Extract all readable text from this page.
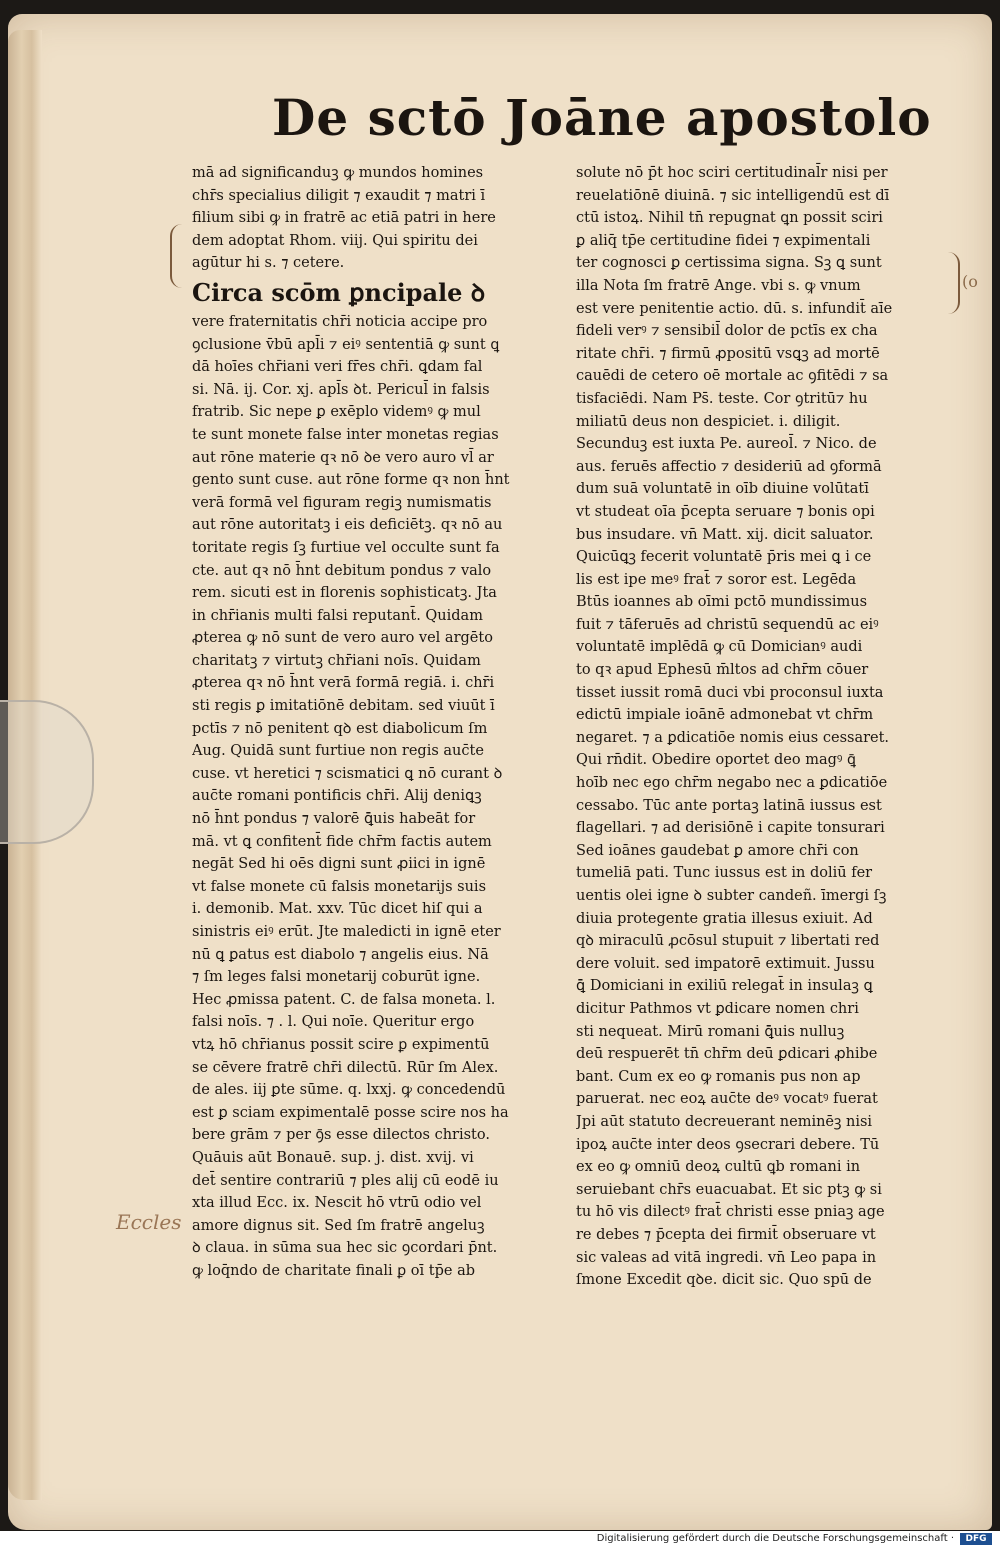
De sctō Joāne apostolo
mā ad significanduꝫ ꝙ mundos homines
chr̄s specialius diligit ⁊ exaudit ⁊ matri ī
filium sibi ꝙ in fratrē ac etiā patri in here
dem adoptat Rhom. viij. Qui spiritu dei
agūtur hi s. ⁊ cetere.
Circa scōm ꝑncipale ꝺ
vere fraternitatis chr̄i noticia accipe pro
ꝯclusione v̄bū apl̄i ⁊ eiꝰ sententiā ꝙ sunt ꝗ
dā hoīes chr̄iani veri fr̄es chr̄i. ꝗdam fal
si. Nā. ij. Cor. xj. apl̄s ꝺt. Pericul̄ in falsis
fratrib. Sic nepe ꝑ exēplo videmꝰ ꝙ mul
te sunt monete false inter monetas regias
aut rōne materie qꝛ nō ꝺe vero auro vl̄ ar
gento sunt cuse. aut rōne forme qꝛ non h̄nt
verā formā vel figuram regiꝫ numismatis
aut rōne autoritatꝫ i eis deficiētꝫ. qꝛ nō au
toritate regis ſꝫ furtiue vel occulte sunt fa
cte. aut qꝛ nō h̄nt debitum pondus ⁊ valo
rem. sicuti est in florenis sophisticatꝫ. Jta
in chr̄ianis multi falsi reputant̄. Quidam
ꝓterea ꝙ nō sunt de vero auro vel argēto
charitatꝫ ⁊ virtutꝫ chr̄iani noīs. Quidam
ꝓterea qꝛ nō h̄nt verā formā regiā. i. chr̄i
sti regis ꝑ imitatiōnē debitam. sed viuūt ī
pctīs ⁊ nō penitent qꝺ est diabolicum ſm
Aug. Quidā sunt furtiue non regis auc̄te
cuse. vt heretici ⁊ scismatici ꝗ nō curant ꝺ
auc̄te romani pontificis chr̄i. Alij deniꝗꝫ
nō h̄nt pondus ⁊ valorē ꝗ̄uis habeāt for
mā. vt ꝗ confitent̄ fide chr̄m factis autem
negāt Sed hi oēs digni sunt ꝓiici in ignē
vt false monete cū falsis monetarijs suis
i. demonib. Mat. xxv. Tūc dicet hiſ qui a
sinistris eiꝰ erūt. Jte maledicti in ignē eter
nū ꝗ ꝑatus est diabolo ⁊ angelis eius. Nā
⁊ ſm leges falsi monetarij coburūt igne.
Hec ꝓmissa patent. C. de falsa moneta. l.
falsi noīs. ⁊ . l. Qui noīe. Queritur ergo
vtꝝ hō chr̄ianus possit scire ꝑ expimentū
se cēvere fratrē chr̄i dilectū. Rūr ſm Alex.
de ales. iij ꝑte sūme. q. lxxj. ꝙ concedendū
est ꝑ sciam expimentalē posse scire nos ha
bere grām ⁊ per ꝯ̄s esse dilectos christo.
Quāuis aūt Bonauē. sup. j. dist. xvij. vi
det̄ sentire contrariū ⁊ ples alij cū eodē iu
xta illud Ecc. ix. Nescit hō vtrū odio vel
amore dignus sit. Sed ſm fratrē angeluꝫ
ꝺ claua. in sūma sua hec sic ꝯcordari p̄nt.
ꝙ loq̄ndo de charitate finali ꝑ oī tp̄e ab
solute nō p̄t hoc sciri certitudinal̄r nisi per
reuelatiōnē diuinā. ⁊ sic intelligendū est dī
ctū istoꝝ. Nihil tn̄ repugnat ꝗn possit sciri
ꝑ aliq̄ tp̄e certitudine fidei ⁊ expimentali
ter cognosci ꝑ certissima signa. Sꝫ ꝗ sunt
illa Nota ſm fratrē Ange. vbi s. ꝙ vnum
est vere penitentie actio. dū. s. infundit̄ aīe
fideli verꝰ ⁊ sensibil̄ dolor de pctīs ex cha
ritate chr̄i. ⁊ firmū ꝓpositū vsꝗꝫ ad mortē
cauēdi de cetero oē mortale ac ꝯfitēdi ⁊ sa
tisfaciēdi. Nam Ps̄. teste. Cor ꝯtritū⁊ hu
miliatū deus non despiciet. i. diligit.
Secunduꝫ est iuxta Pe. aureol̄. ⁊ Nico. de
aus. feruēs affectio ⁊ desideriū ad ꝯformā
dum suā voluntatē in oīb diuine volūtatī
vt studeat oīa p̄cepta seruare ⁊ bonis opi
bus insudare. vn̄ Matt. xij. dicit saluator.
Quicūꝗꝫ fecerit voluntatē p̄ris mei ꝗ i ce
lis est ipe meꝰ frat̄ ⁊ soror est. Legēda
Btūs ioannes ab oīmi pctō mundissimus
fuit ⁊ tāferuēs ad christū sequendū ac eiꝰ
voluntatē implēdā ꝙ cū Domicianꝰ audi
to qꝛ apud Ephesū m̄ltos ad chr̄m cōuer
tisset iussit romā duci vbi proconsul iuxta
edictū impiale ioānē admonebat vt chr̄m
negaret. ⁊ a ꝑdicatiōe nomis eius cessaret.
Qui rn̄dit. Obedire oportet deo magꝰ ꝗ̄
hoīb nec ego chr̄m negabo nec a ꝑdicatiōe
cessabo. Tūc ante portaꝫ latinā iussus est
flagellari. ⁊ ad derisiōnē i capite tonsurari
Sed ioānes gaudebat ꝑ amore chr̄i con
tumeliā pati. Tunc iussus est in doliū fer
uentis olei igne ꝺ subter candeñ. īmergi ſꝫ
diuia protegente gratia illesus exiuit. Ad
qꝺ miraculū ꝓcōsul stupuit ⁊ libertati red
dere voluit. sed impatorē extimuit. Jussu
ꝗ̄ Domiciani in exiliū relegat̄ in insulaꝫ ꝗ
dicitur Pathmos vt ꝑdicare nomen chri
sti nequeat. Mirū romani ꝗ̄uis nulluꝫ
deū respuerēt tn̄ chr̄m deū ꝑdicari ꝓhibe
bant. Cum ex eo ꝙ romanis pus non ap
paruerat. nec eoꝝ auc̄te deꝰ vocatꝰ fuerat
Jpi aūt statuto decreuerant neminēꝫ nisi
ipoꝝ auc̄te inter deos ꝯsecrari debere. Tū
ex eo ꝙ omniū deoꝝ cultū ꝗb romani in
seruiebant chr̄s euacuabat. Et sic ptꝫ ꝙ si
tu hō vis dilectꝰ frat̄ christi esse pniaꝫ age
re debes ⁊ p̄cepta dei firmit̄ obseruare vt
sic valeas ad vitā ingredi. vn̄ Leo papa in
ſmone Excedit qꝺe. dicit sic. Quo spū de
(o
Eccles
Digitalisierung gefördert durch die Deutsche Forschungsgemeinschaft ·	DFG
